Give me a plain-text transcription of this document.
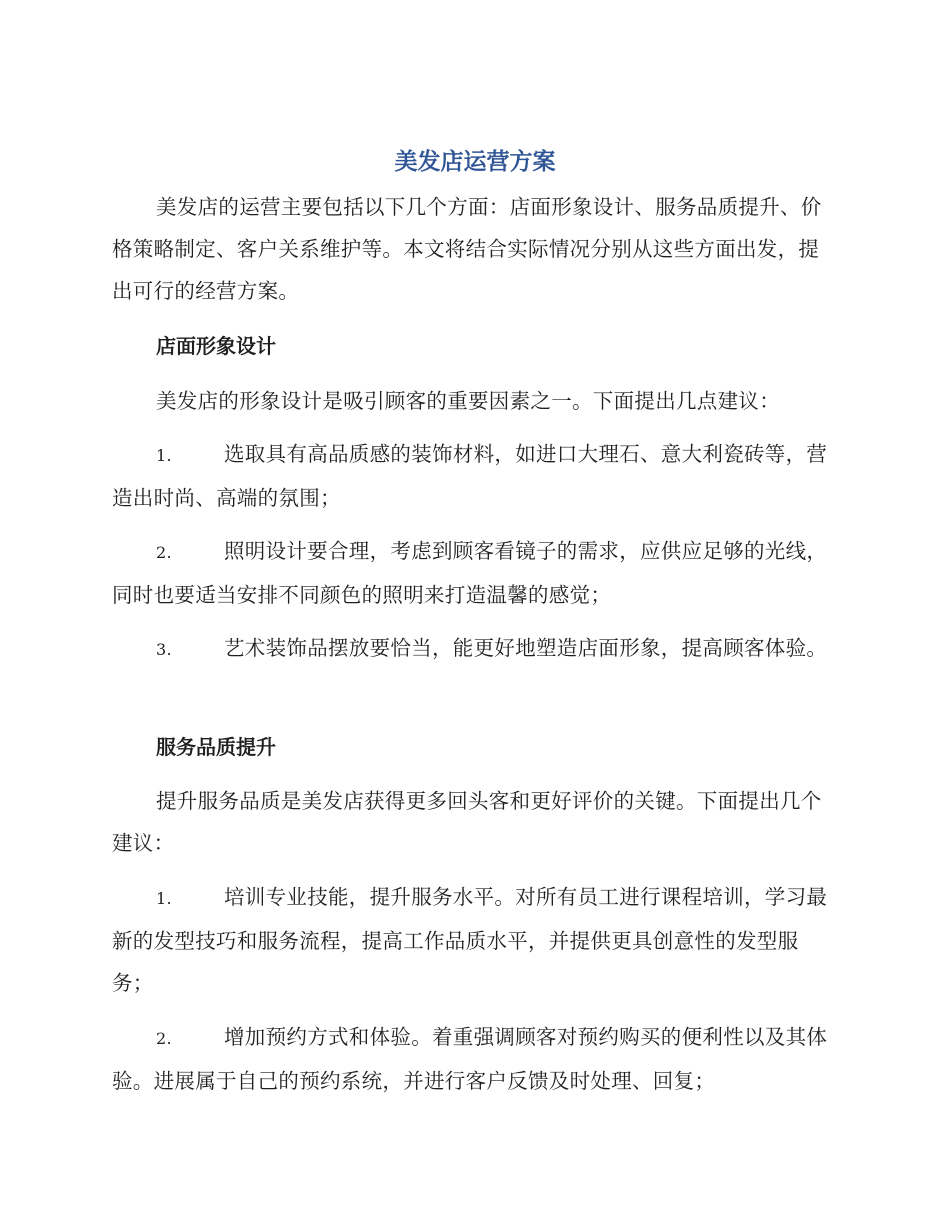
美发店运营方案
美发店的运营主要包括以下几个方面：店面形象设计、服务品质提升、价格策略制定、客户关系维护等。本文将结合实际情况分别从这些方面出发，提出可行的经营方案。
店面形象设计
美发店的形象设计是吸引顾客的重要因素之一。下面提出几点建议：
1.	选取具有高品质感的装饰材料，如进口大理石、意大利瓷砖等，营造出时尚、高端的氛围；
2.	照明设计要合理，考虑到顾客看镜子的需求，应供应足够的光线，同时也要适当安排不同颜色的照明来打造温馨的感觉；
3.	艺术装饰品摆放要恰当，能更好地塑造店面形象，提高顾客体验。
服务品质提升
提升服务品质是美发店获得更多回头客和更好评价的关键。下面提出几个建议：
1.	培训专业技能，提升服务水平。对所有员工进行课程培训，学习最新的发型技巧和服务流程，提高工作品质水平，并提供更具创意性的发型服务；
2.	增加预约方式和体验。着重强调顾客对预约购买的便利性以及其体验。进展属于自己的预约系统，并进行客户反馈及时处理、回复；
